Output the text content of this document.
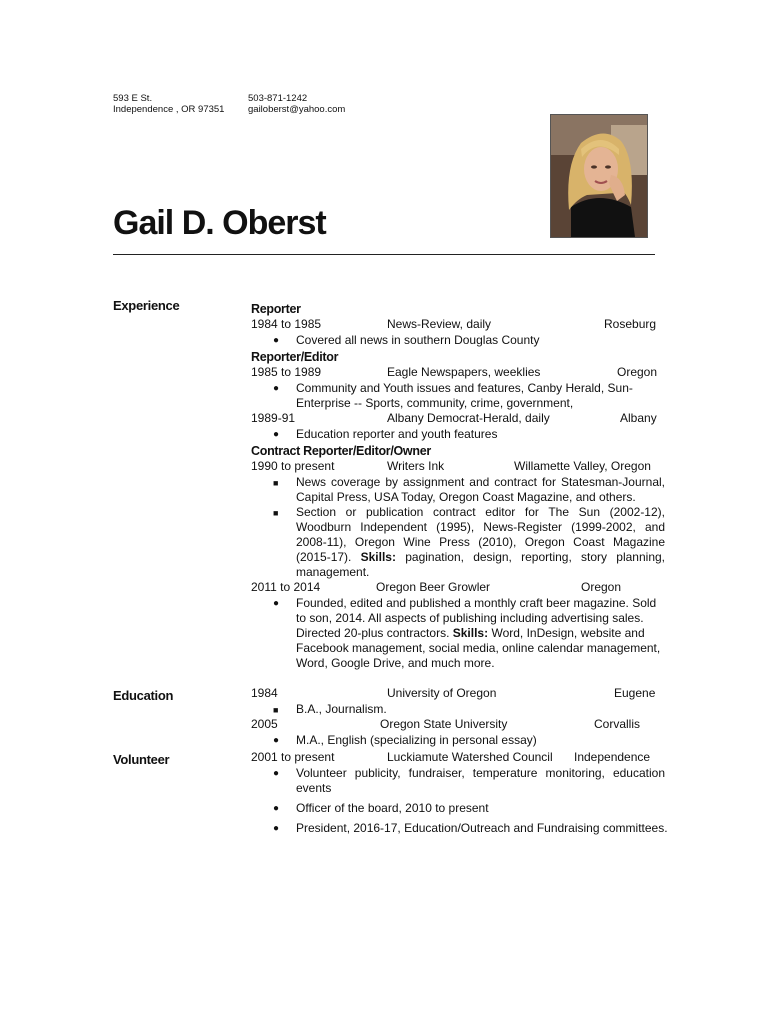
593 E St.
Independence , OR 97351
503-871-1242
gailoberst@yahoo.com
Gail D. Oberst
Experience
Education
Volunteer
Reporter
1984 to 1985	News-Review, daily	Roseburg
● Covered all news in southern Douglas County
Reporter/Editor
1985 to 1989	Eagle Newspapers, weeklies	Oregon
● Community and Youth issues and features, Canby Herald, Sun-
Enterprise -- Sports, community, crime, government,
1989-91	Albany Democrat-Herald, daily	Albany
● Education reporter and youth features
Contract Reporter/Editor/Owner
1990 to present	Writers Ink	Willamette Valley, Oregon
■ News coverage by assignment and contract for Statesman-Journal, Capital Press, USA Today, Oregon Coast Magazine, and others.
■ Section or publication contract editor for The Sun (2002-12), Woodburn Independent (1995), News-Register (1999-2002, and 2008-11), Oregon Wine Press (2010), Oregon Coast Magazine (2015-17). Skills: pagination, design, reporting, story planning, management.
2011 to 2014	Oregon Beer Growler	Oregon
● Founded, edited and published a monthly craft beer magazine. Sold to son, 2014. All aspects of publishing including advertising sales. Directed 20-plus contractors. Skills: Word, InDesign, website and Facebook management, social media, online calendar management, Word, Google Drive, and much more.
1984	University of Oregon	Eugene
■ B.A., Journalism.
2005	Oregon State University	Corvallis
● M.A., English (specializing in personal essay)
2001 to present	Luckiamute Watershed Council Independence
● Volunteer publicity, fundraiser, temperature monitoring, education events
● Officer of the board, 2010 to present
● President, 2016-17, Education/Outreach and Fundraising committees.
